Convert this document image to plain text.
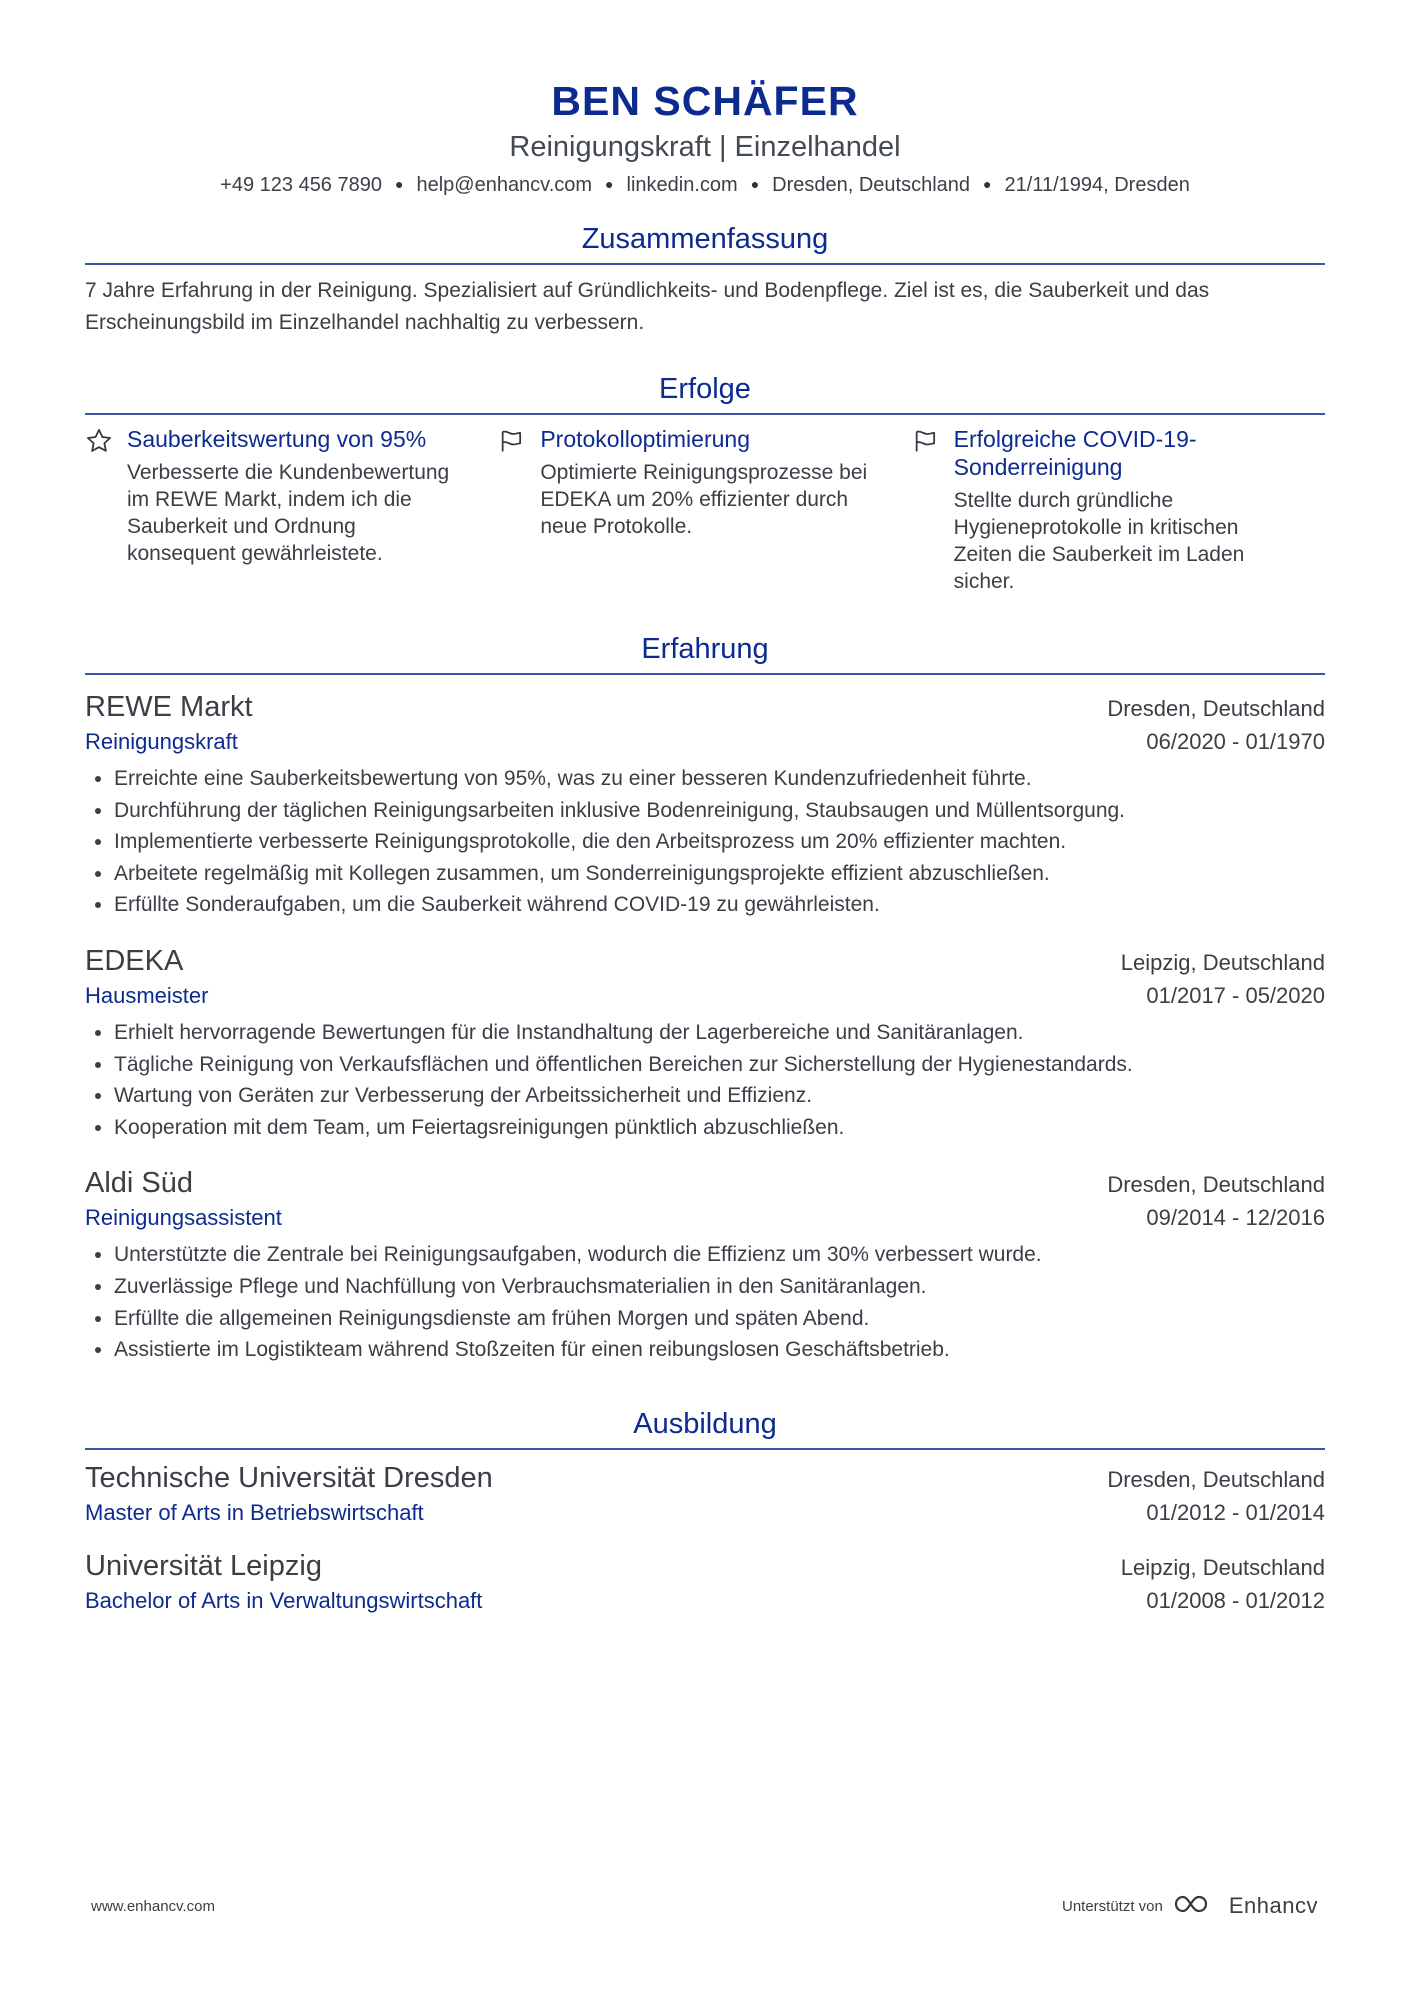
BEN SCHÄFER
Reinigungskraft | Einzelhandel
+49 123 456 7890 ● help@enhancv.com ● linkedin.com ● Dresden, Deutschland ● 21/11/1994, Dresden
Zusammenfassung
7 Jahre Erfahrung in der Reinigung. Spezialisiert auf Gründlichkeits- und Bodenpflege. Ziel ist es, die Sauberkeit und das Erscheinungsbild im Einzelhandel nachhaltig zu verbessern.
Erfolge
Sauberkeitswertung von 95%
Verbesserte die Kundenbewertung im REWE Markt, indem ich die Sauberkeit und Ordnung konsequent gewährleistete.
Protokolloptimierung
Optimierte Reinigungsprozesse bei EDEKA um 20% effizienter durch neue Protokolle.
Erfolgreiche COVID-19-Sonderreinigung
Stellte durch gründliche Hygieneprotokolle in kritischen Zeiten die Sauberkeit im Laden sicher.
Erfahrung
REWE Markt	Dresden, Deutschland
Reinigungskraft	06/2020 - 01/1970
• Erreichte eine Sauberkeitsbewertung von 95%, was zu einer besseren Kundenzufriedenheit führte.
• Durchführung der täglichen Reinigungsarbeiten inklusive Bodenreinigung, Staubsaugen und Müllentsorgung.
• Implementierte verbesserte Reinigungsprotokolle, die den Arbeitsprozess um 20% effizienter machten.
• Arbeitete regelmäßig mit Kollegen zusammen, um Sonderreinigungsprojekte effizient abzuschließen.
• Erfüllte Sonderaufgaben, um die Sauberkeit während COVID-19 zu gewährleisten.
EDEKA	Leipzig, Deutschland
Hausmeister	01/2017 - 05/2020
• Erhielt hervorragende Bewertungen für die Instandhaltung der Lagerbereiche und Sanitäranlagen.
• Tägliche Reinigung von Verkaufsflächen und öffentlichen Bereichen zur Sicherstellung der Hygienestandards.
• Wartung von Geräten zur Verbesserung der Arbeitssicherheit und Effizienz.
• Kooperation mit dem Team, um Feiertagsreinigungen pünktlich abzuschließen.
Aldi Süd	Dresden, Deutschland
Reinigungsassistent	09/2014 - 12/2016
• Unterstützte die Zentrale bei Reinigungsaufgaben, wodurch die Effizienz um 30% verbessert wurde.
• Zuverlässige Pflege und Nachfüllung von Verbrauchsmaterialien in den Sanitäranlagen.
• Erfüllte die allgemeinen Reinigungsdienste am frühen Morgen und späten Abend.
• Assistierte im Logistikteam während Stoßzeiten für einen reibungslosen Geschäftsbetrieb.
Ausbildung
Technische Universität Dresden	Dresden, Deutschland
Master of Arts in Betriebswirtschaft	01/2012 - 01/2014
Universität Leipzig	Leipzig, Deutschland
Bachelor of Arts in Verwaltungswirtschaft	01/2008 - 01/2012
www.enhancv.com	Unterstützt von	Enhancv
